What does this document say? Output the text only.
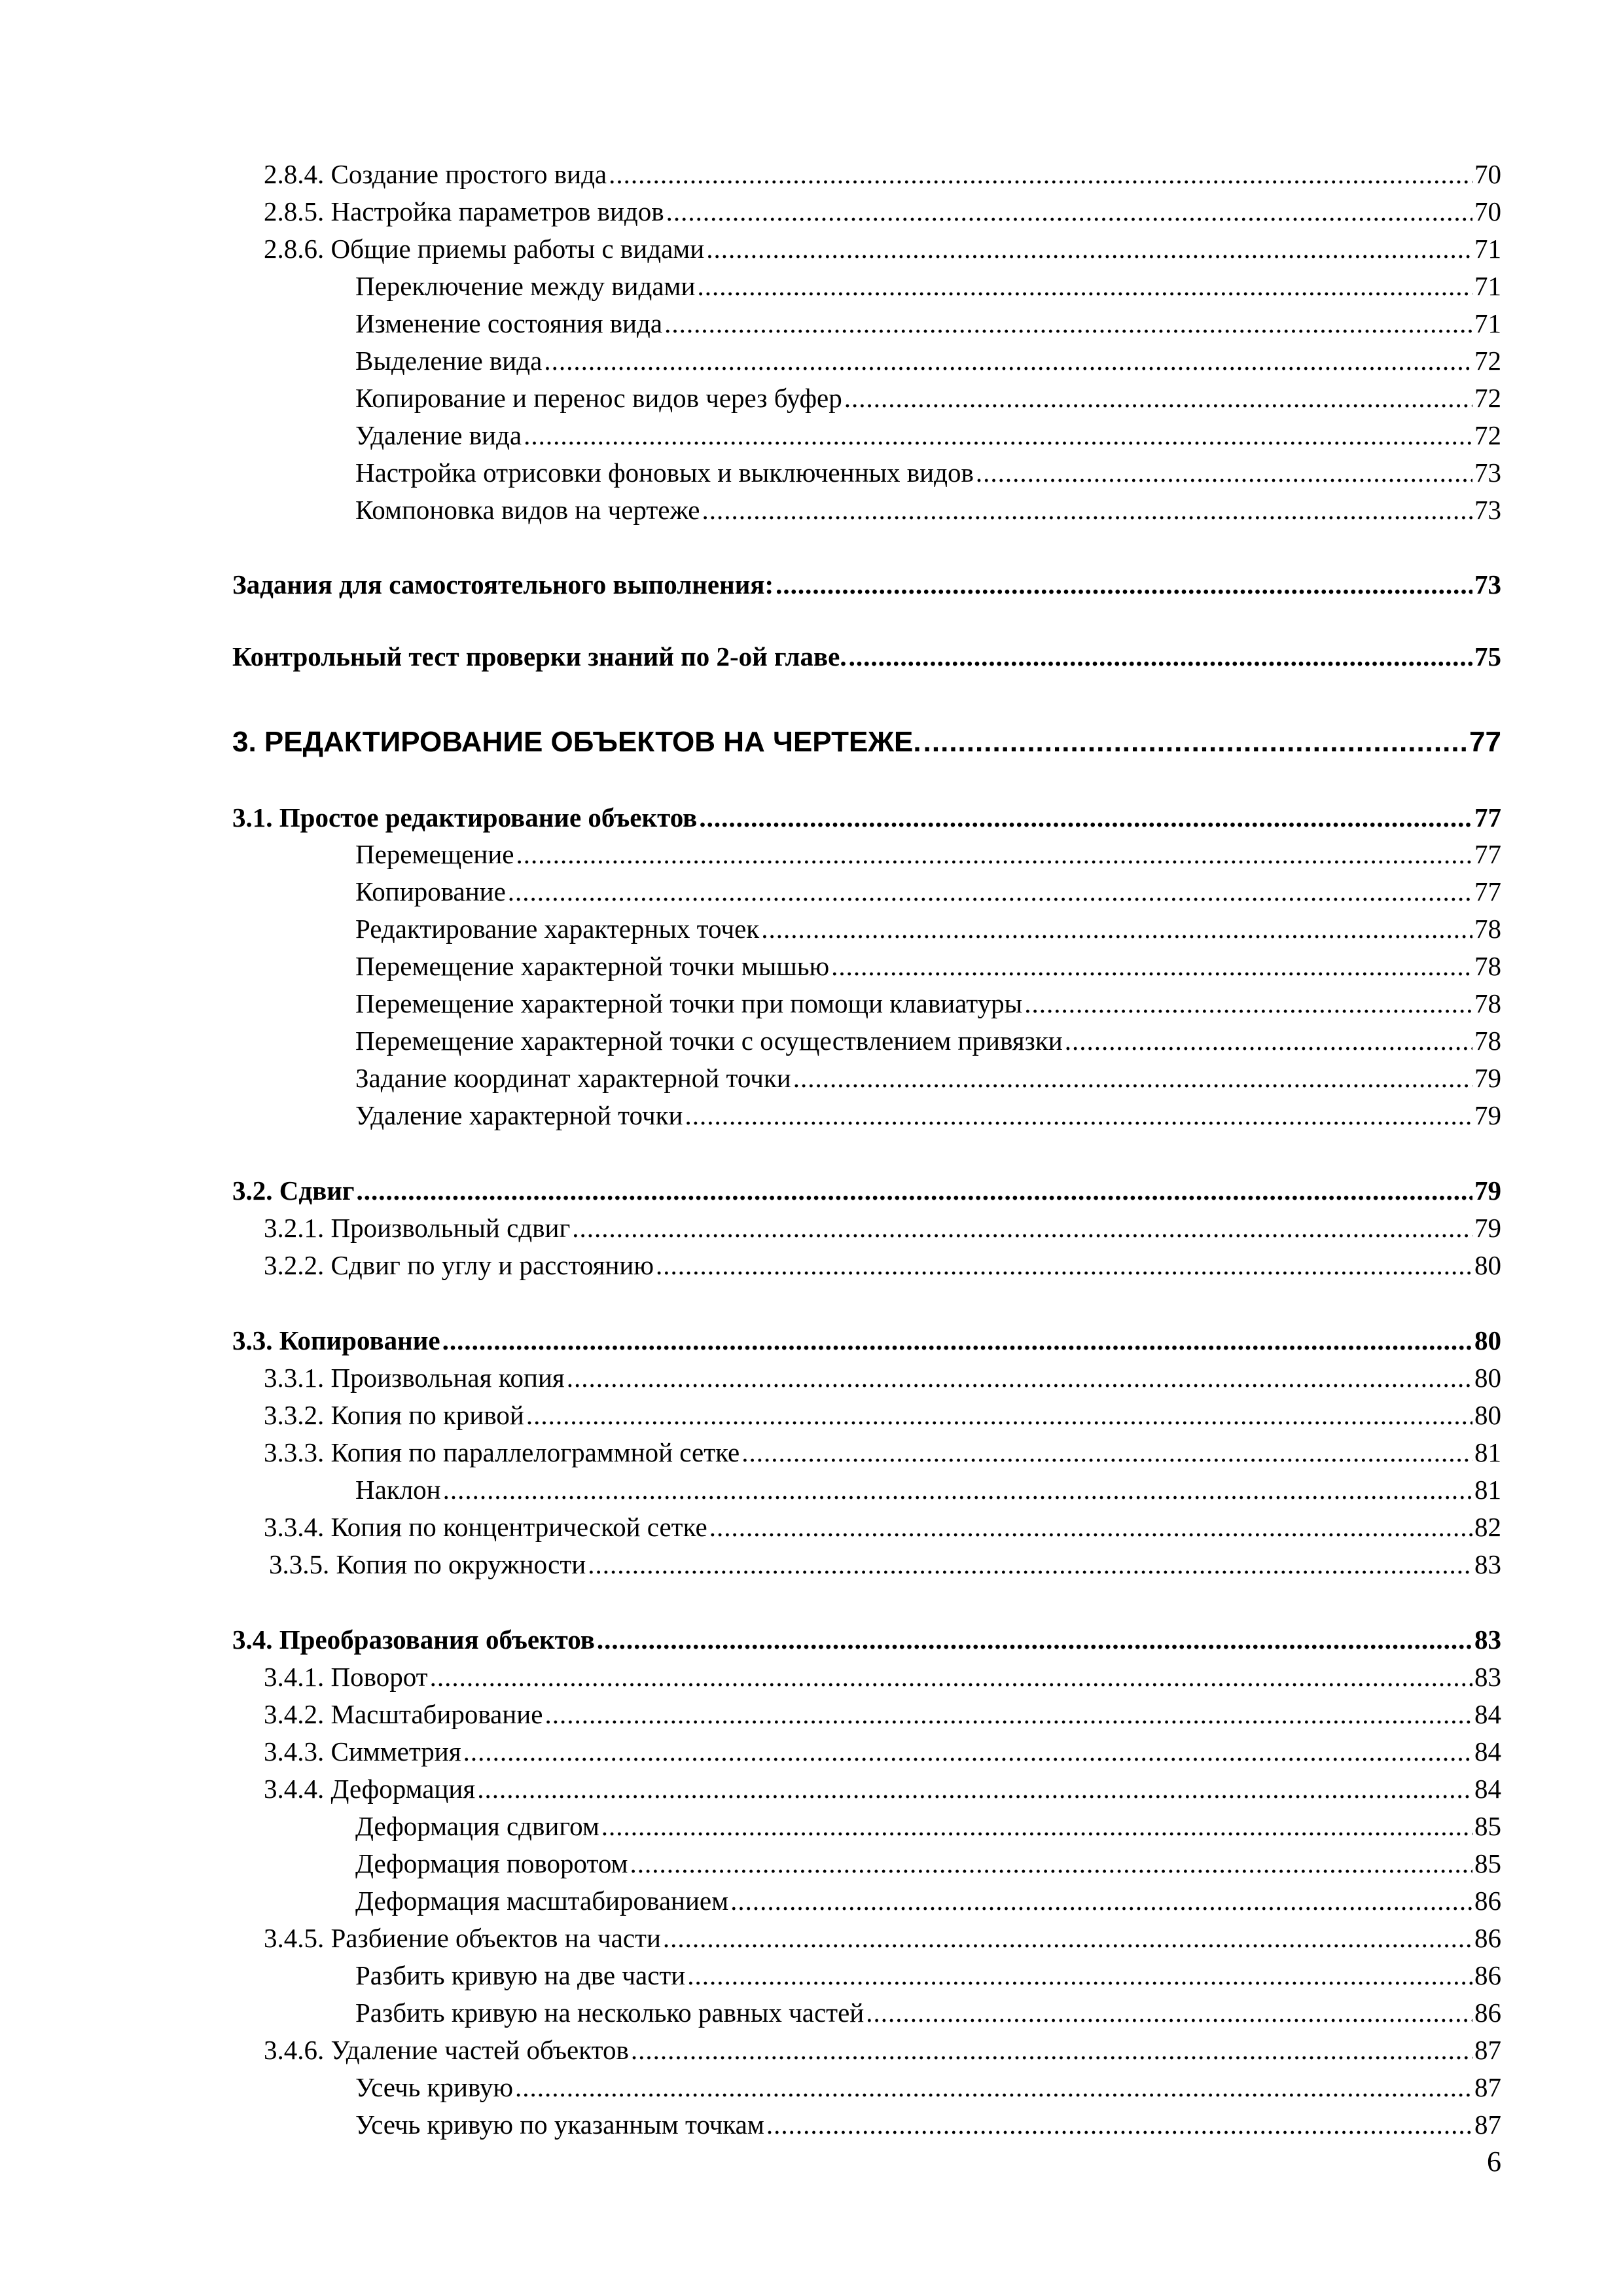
2.8.4. Создание простого вида .....	70
2.8.5. Настройка параметров видов .....	70
2.8.6. Общие приемы работы с видами .....	71
Переключение между видами .....	71
Изменение состояния вида .....	71
Выделение вида .....	72
Копирование и перенос видов через буфер .....	72
Удаление вида .....	72
Настройка отрисовки фоновых и выключенных видов .....	73
Компоновка видов на чертеже .....	73
Задания для самостоятельного выполнения: .....	73
Контрольный тест проверки знаний по 2-ой главе. .....	75
3. РЕДАКТИРОВАНИЕ ОБЪЕКТОВ НА ЧЕРТЕЖЕ. .....	77
3.1. Простое редактирование объектов .....	77
Перемещение .....	77
Копирование .....	77
Редактирование характерных точек .....	78
Перемещение характерной точки мышью .....	78
Перемещение характерной точки при помощи клавиатуры .....	78
Перемещение характерной точки с осуществлением привязки .....	78
Задание координат характерной точки .....	79
Удаление характерной точки .....	79
3.2. Сдвиг .....	79
3.2.1. Произвольный сдвиг .....	79
3.2.2. Сдвиг по углу и расстоянию .....	80
3.3. Копирование .....	80
3.3.1. Произвольная копия .....	80
3.3.2. Копия по кривой .....	80
3.3.3. Копия по параллелограммной сетке .....	81
Наклон .....	81
3.3.4. Копия по концентрической сетке .....	82
3.3.5. Копия по окружности .....	83
3.4. Преобразования объектов .....	83
3.4.1. Поворот .....	83
3.4.2. Масштабирование .....	84
3.4.3. Симметрия .....	84
3.4.4. Деформация .....	84
Деформация сдвигом .....	85
Деформация поворотом .....	85
Деформация масштабированием .....	86
3.4.5. Разбиение объектов на части .....	86
Разбить кривую на две части .....	86
Разбить кривую на несколько равных частей .....	86
3.4.6. Удаление частей объектов .....	87
Усечь кривую .....	87
Усечь кривую по указанным точкам .....	87
6
